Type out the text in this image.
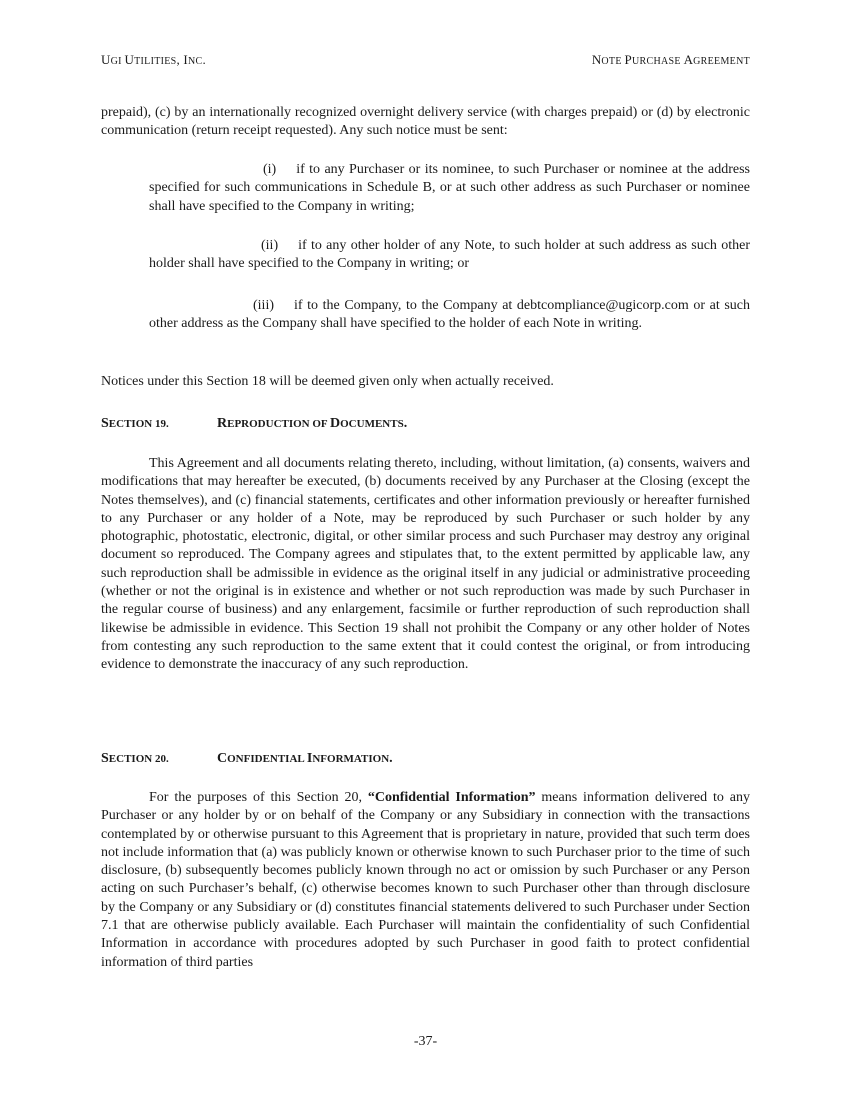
UGI UTILITIES, INC.	NOTE PURCHASE AGREEMENT

prepaid), (c) by an internationally recognized overnight delivery service (with charges prepaid) or (d) by electronic communication (return receipt requested). Any such notice must be sent:

(i) if to any Purchaser or its nominee, to such Purchaser or nominee at the address specified for such communications in Schedule B, or at such other address as such Purchaser or nominee shall have specified to the Company in writing;

(ii) if to any other holder of any Note, to such holder at such address as such other holder shall have specified to the Company in writing; or

(iii) if to the Company, to the Company at debtcompliance@ugicorp.com or at such other address as the Company shall have specified to the holder of each Note in writing.

Notices under this Section 18 will be deemed given only when actually received.

SECTION 19.	REPRODUCTION OF DOCUMENTS.

This Agreement and all documents relating thereto, including, without limitation, (a) consents, waivers and modifications that may hereafter be executed, (b) documents received by any Purchaser at the Closing (except the Notes themselves), and (c) financial statements, certificates and other information previously or hereafter furnished to any Purchaser or any holder of a Note, may be reproduced by such Purchaser or such holder by any photographic, photostatic, electronic, digital, or other similar process and such Purchaser may destroy any original document so reproduced. The Company agrees and stipulates that, to the extent permitted by applicable law, any such reproduction shall be admissible in evidence as the original itself in any judicial or administrative proceeding (whether or not the original is in existence and whether or not such reproduction was made by such Purchaser in the regular course of business) and any enlargement, facsimile or further reproduction of such reproduction shall likewise be admissible in evidence. This Section 19 shall not prohibit the Company or any other holder of Notes from contesting any such reproduction to the same extent that it could contest the original, or from introducing evidence to demonstrate the inaccuracy of any such reproduction.

SECTION 20.	CONFIDENTIAL INFORMATION.

For the purposes of this Section 20, “Confidential Information” means information delivered to any Purchaser or any holder by or on behalf of the Company or any Subsidiary in connection with the transactions contemplated by or otherwise pursuant to this Agreement that is proprietary in nature, provided that such term does not include information that (a) was publicly known or otherwise known to such Purchaser prior to the time of such disclosure, (b) subsequently becomes publicly known through no act or omission by such Purchaser or any Person acting on such Purchaser’s behalf, (c) otherwise becomes known to such Purchaser other than through disclosure by the Company or any Subsidiary or (d) constitutes financial statements delivered to such Purchaser under Section 7.1 that are otherwise publicly available. Each Purchaser will maintain the confidentiality of such Confidential Information in accordance with procedures adopted by such Purchaser in good faith to protect confidential information of third parties

-37-
